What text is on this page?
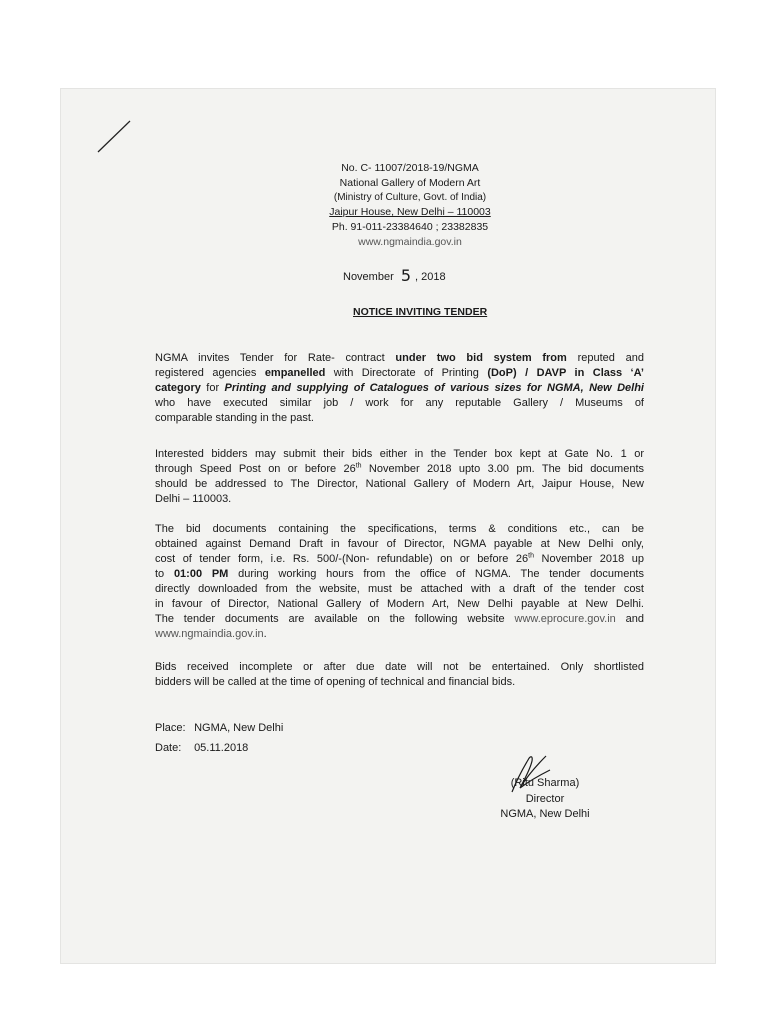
No. C- 11007/2018-19/NGMA
National Gallery of Modern Art
(Ministry of Culture, Govt. of India)
Jaipur House, New Delhi – 110003
Ph. 91-011-23384640 ; 23382835
www.ngmaindia.gov.in
November 5 , 2018
NOTICE INVITING TENDER
NGMA invites Tender for Rate- contract under two bid system from reputed and
registered agencies empanelled with Directorate of Printing (DoP) / DAVP in Class ‘A’
category for Printing and supplying of Catalogues of various sizes for NGMA, New Delhi
who have executed similar job / work for any reputable Gallery / Museums of
comparable standing in the past.
Interested bidders may submit their bids either in the Tender box kept at Gate No. 1 or
through Speed Post on or before 26th November 2018 upto 3.00 pm. The bid documents
should be addressed to The Director, National Gallery of Modern Art, Jaipur House, New
Delhi – 110003.
The bid documents containing the specifications, terms & conditions etc., can be
obtained against Demand Draft in favour of Director, NGMA payable at New Delhi only,
cost of tender form, i.e. Rs. 500/-(Non- refundable) on or before 26th November 2018 up
to 01:00 PM during working hours from the office of NGMA. The tender documents
directly downloaded from the website, must be attached with a draft of the tender cost
in favour of Director, National Gallery of Modern Art, New Delhi payable at New Delhi.
The tender documents are available on the following website www.eprocure.gov.in and
www.ngmaindia.gov.in.
Bids received incomplete or after due date will not be entertained. Only shortlisted
bidders will be called at the time of opening of technical and financial bids.
Place: NGMA, New Delhi
Date: 05.11.2018
(Ritu Sharma)
Director
NGMA, New Delhi
